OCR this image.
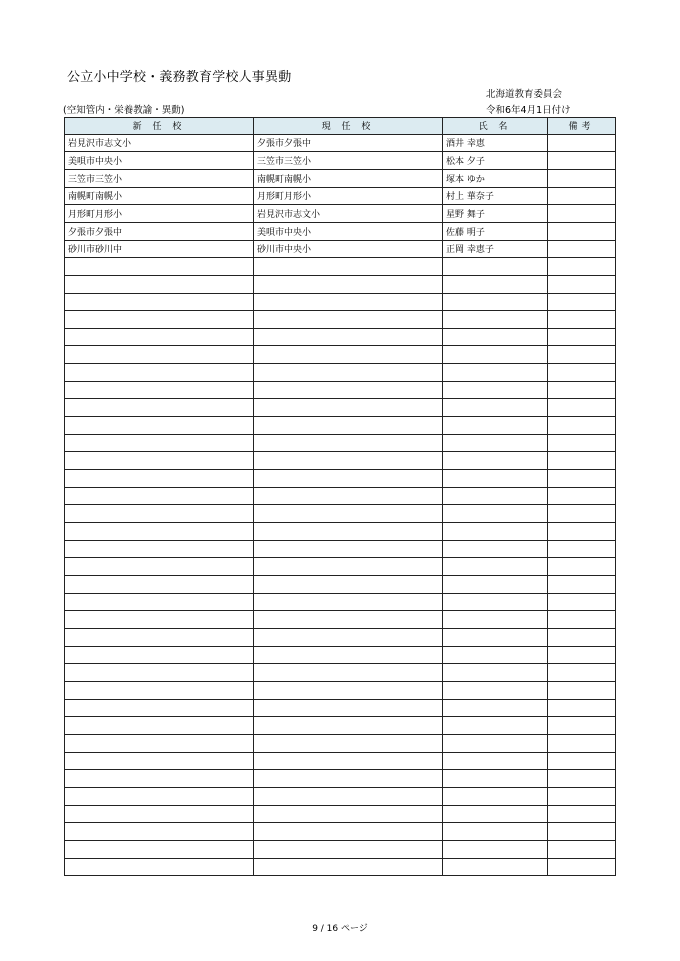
公立小中学校・義務教育学校人事異動
北海道教育委員会
(空知管内・栄養教諭・異動)	令和6年4月1日付け
新 任 校	現 任 校	氏 名	備考
岩見沢市志文小	夕張市夕張中	酒井 幸恵	
美唄市中央小	三笠市三笠小	松本 夕子	
三笠市三笠小	南幌町南幌小	塚本 ゆか	
南幌町南幌小	月形町月形小	村上 華奈子	
月形町月形小	岩見沢市志文小	星野 舞子	
夕張市夕張中	美唄市中央小	佐藤 明子	
砂川市砂川中	砂川市中央小	正岡 幸恵子	

9 / 16 ページ
